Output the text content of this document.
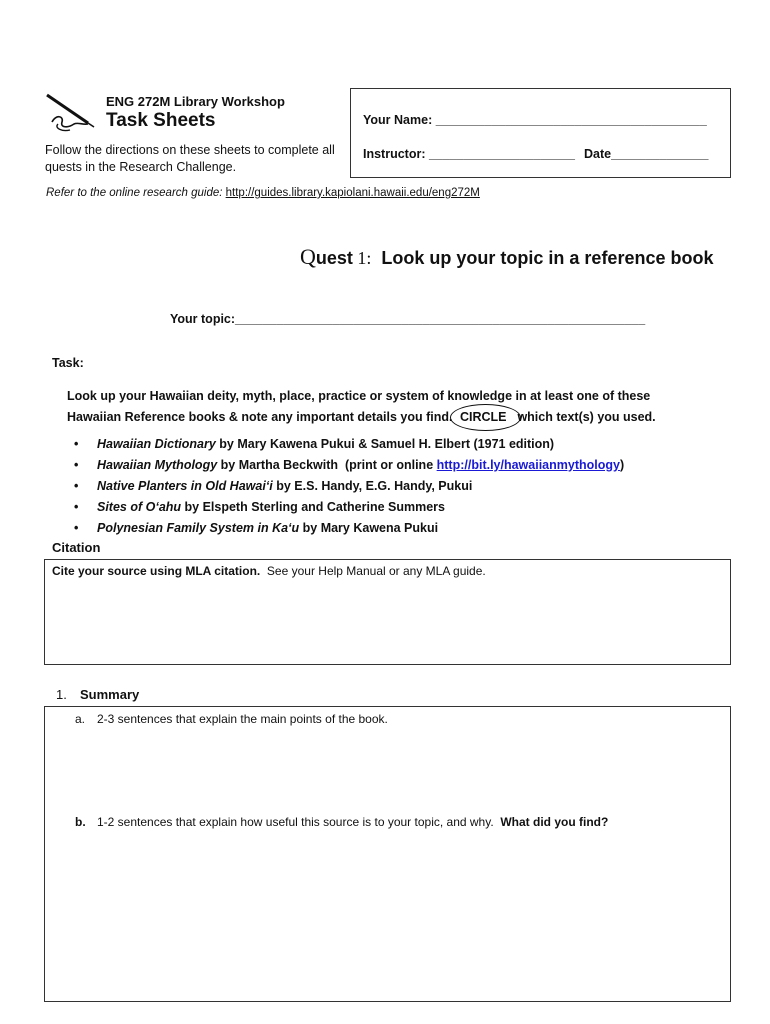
ENG 272M Library Workshop
Task Sheets
Follow the directions on these sheets to complete all quests in the Research Challenge.
Your Name: _______________________________________
Instructor: _____________________ Date______________
Refer to the online research guide: http://guides.library.kapiolani.hawaii.edu/eng272M
Quest 1:  Look up your topic in a reference book
Your topic:___________________________________________________________
Task:
Look up your Hawaiian deity, myth, place, practice or system of knowledge in at least one of these
Hawaiian Reference books & note any important details you find.
CIRCLE  which text(s) you used.
• Hawaiian Dictionary by Mary Kawena Pukui & Samuel H. Elbert (1971 edition)
• Hawaiian Mythology by Martha Beckwith  (print or online http://bit.ly/hawaiianmythology)
• Native Planters in Old Hawai‘i by E.S. Handy, E.G. Handy, Pukui
• Sites of O‘ahu by Elspeth Sterling and Catherine Summers
• Polynesian Family System in Ka‘u by Mary Kawena Pukui
Citation
Cite your source using MLA citation.  See your Help Manual or any MLA guide.
1. Summary
a. 2-3 sentences that explain the main points of the book.
b. 1-2 sentences that explain how useful this source is to your topic, and why.  What did you find?
